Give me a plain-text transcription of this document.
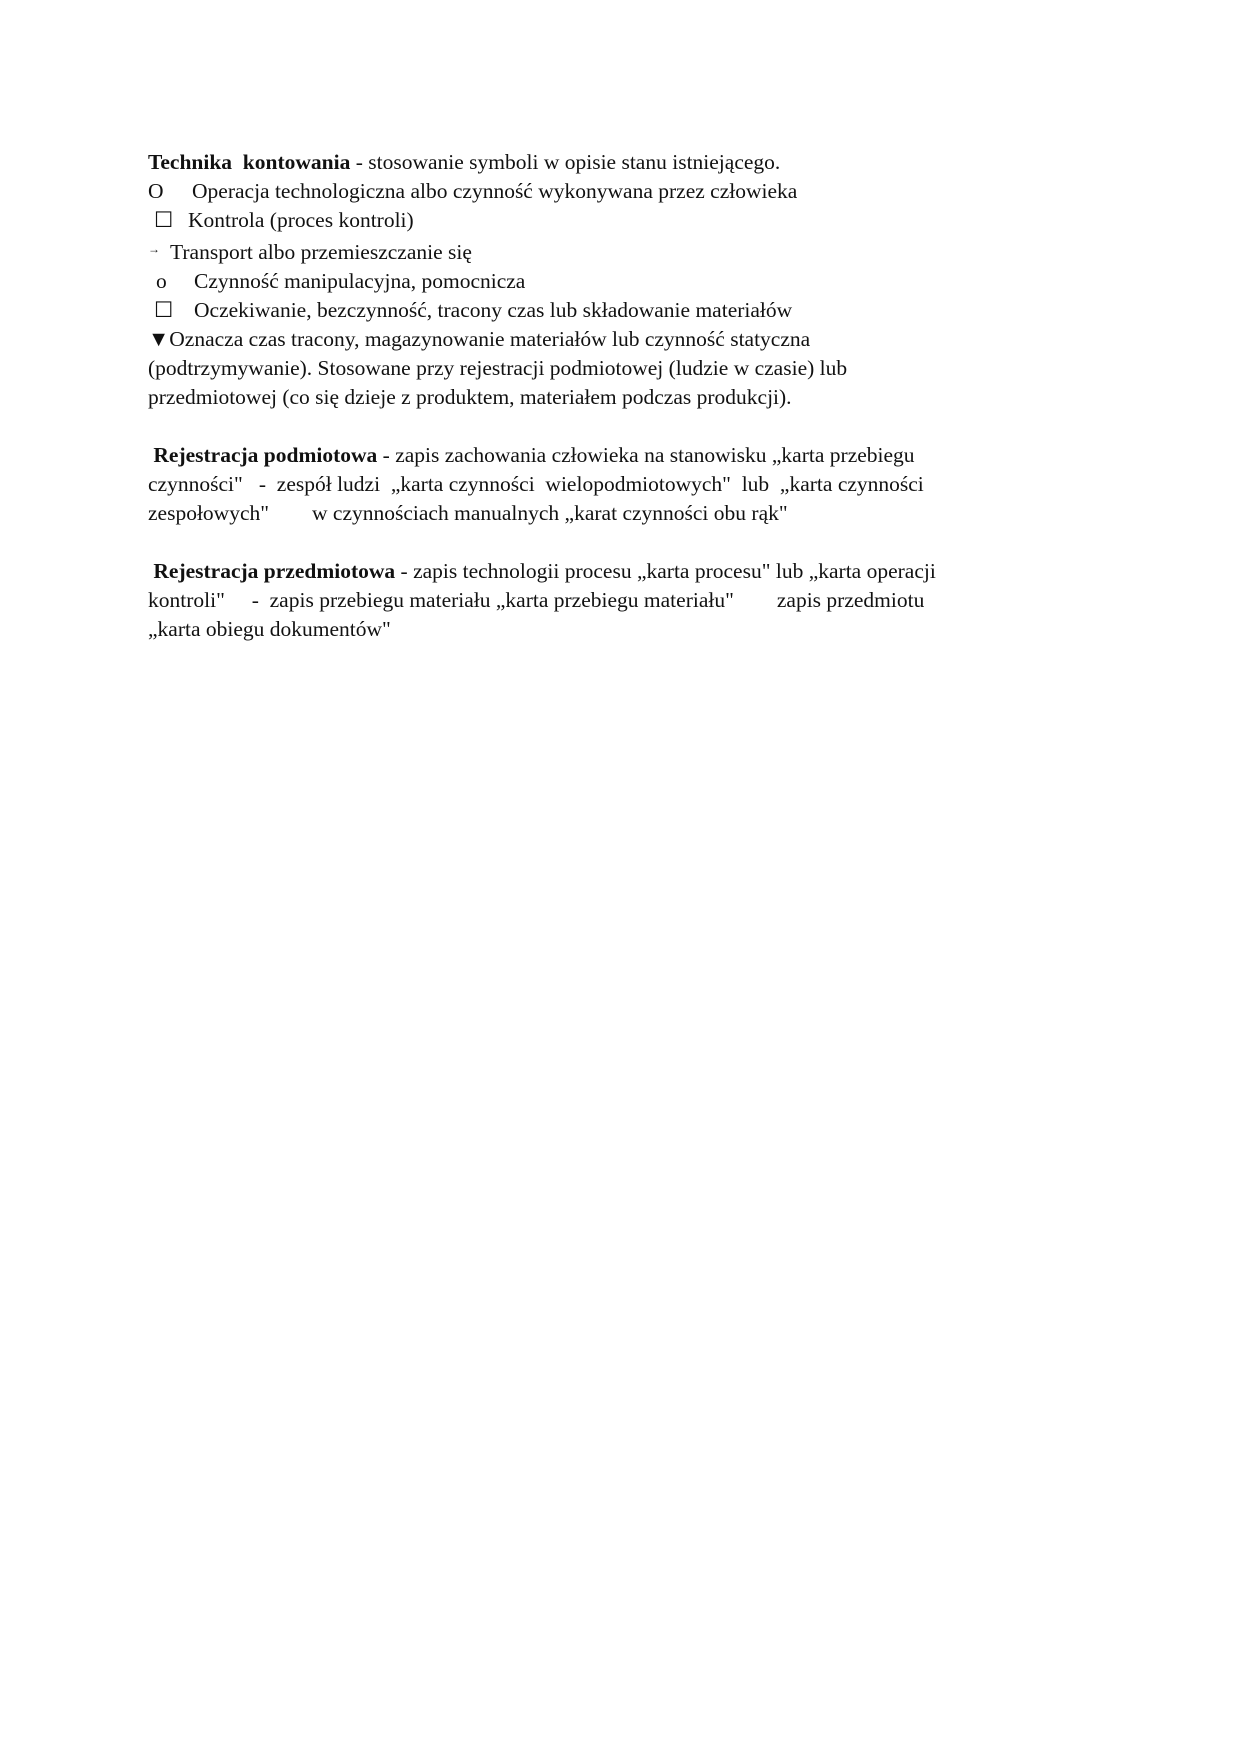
Technika  kontowania - stosowanie symboli w opisie stanu istniejącego.

O Operacja technologiczna albo czynność wykonywana przez człowieka

☐ Kontrola (proces kontroli)

→ Transport albo przemieszczanie się

o Czynność manipulacyjna, pomocnicza

☐ Oczekiwanie, bezczynność, tracony czas lub składowanie materiałów

▼Oznacza czas tracony, magazynowanie materiałów lub czynność statyczna

(podtrzymywanie). Stosowane przy rejestracji podmiotowej (ludzie w czasie) lub

przedmiotowej (co się dzieje z produktem, materiałem podczas produkcji).

Rejestracja podmiotowa - zapis zachowania człowieka na stanowisku „karta przebiegu

czynności"   -  zespół ludzi  „karta czynności  wielopodmiotowych"  lub  „karta czynności

zespołowych"        w czynnościach manualnych „karat czynności obu rąk"

Rejestracja przedmiotowa - zapis technologii procesu „karta procesu" lub „karta operacji

kontroli"     -  zapis przebiegu materiału „karta przebiegu materiału"        zapis przedmiotu

„karta obiegu dokumentów"
